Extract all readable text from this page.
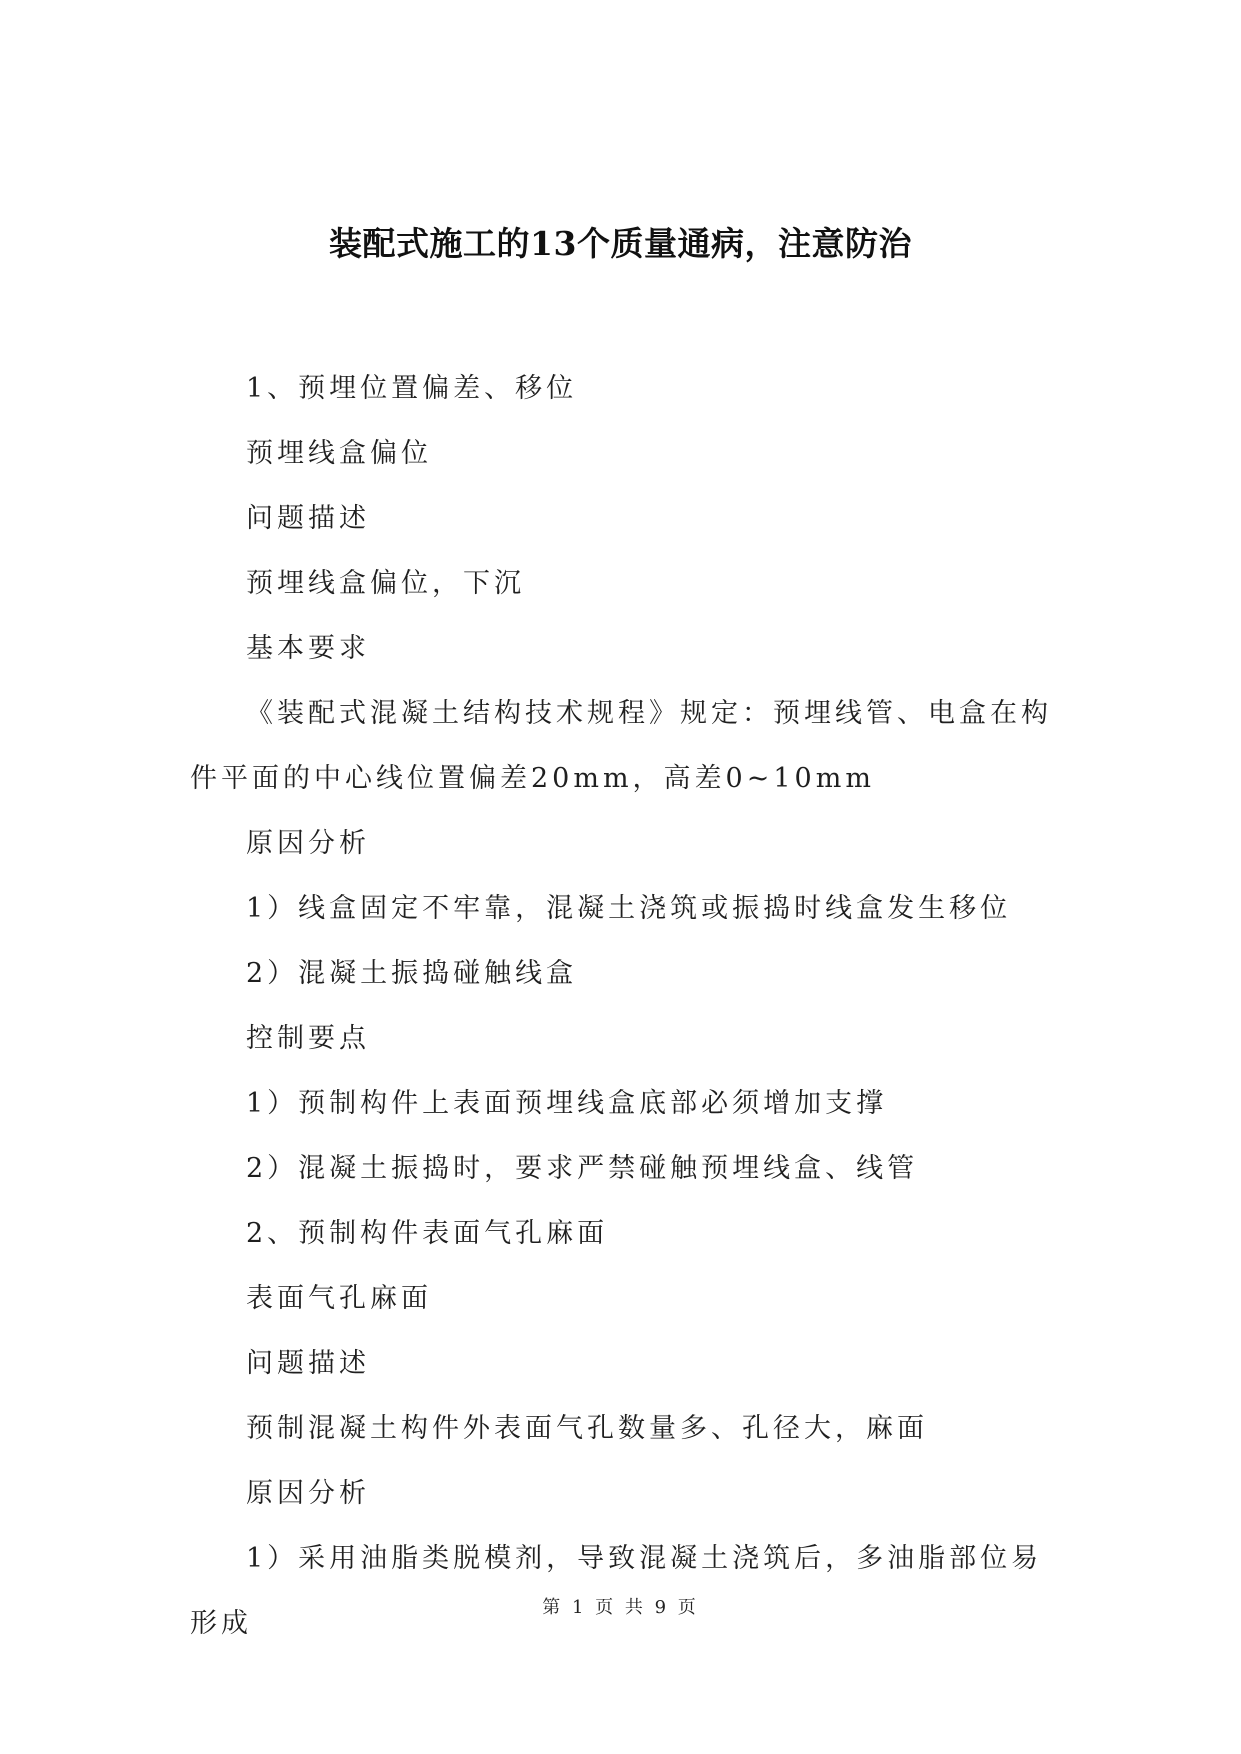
装配式施工的13个质量通病，注意防治

1、预埋位置偏差、移位

预埋线盒偏位

问题描述

预埋线盒偏位，下沉

基本要求

《装配式混凝土结构技术规程》规定：预埋线管、电盒在构件平面的中心线位置偏差20mm，高差0~10mm

原因分析

1）线盒固定不牢靠，混凝土浇筑或振捣时线盒发生移位

2）混凝土振捣碰触线盒

控制要点

1）预制构件上表面预埋线盒底部必须增加支撑

2）混凝土振捣时，要求严禁碰触预埋线盒、线管

2、预制构件表面气孔麻面

表面气孔麻面

问题描述

预制混凝土构件外表面气孔数量多、孔径大，麻面

原因分析

1）采用油脂类脱模剂，导致混凝土浇筑后，多油脂部位易形成

第 1 页 共 9 页
